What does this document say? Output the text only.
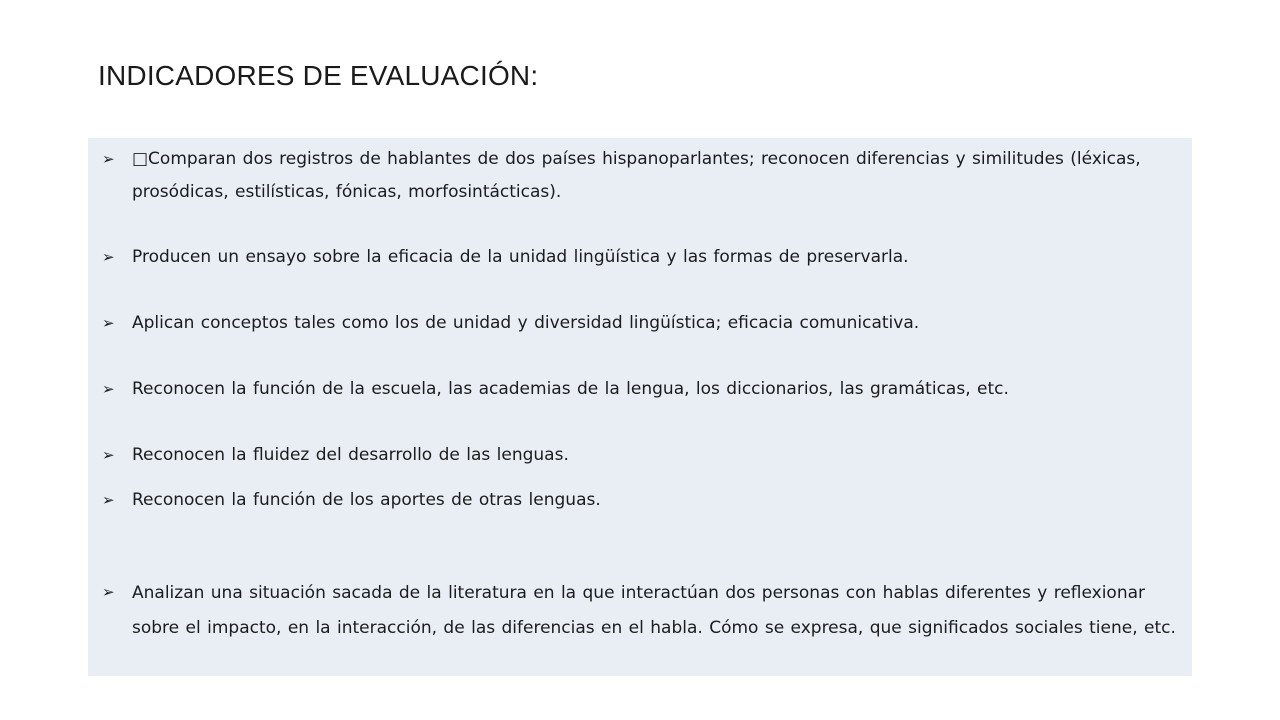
INDICADORES DE EVALUACIÓN:
➢	□Comparan dos registros de hablantes de dos países hispanoparlantes; reconocen diferencias y similitudes (léxicas, prosódicas, estilísticas, fónicas, morfosintácticas).
➢	Producen un ensayo sobre la eficacia de la unidad lingüística y las formas de preservarla.
➢	Aplican conceptos tales como los de unidad y diversidad lingüística; eficacia comunicativa.
➢	Reconocen la función de la escuela, las academias de la lengua, los diccionarios, las gramáticas, etc.
➢	Reconocen la fluidez del desarrollo de las lenguas.
➢	Reconocen la función de los aportes de otras lenguas.
➢	Analizan una situación sacada de la literatura en la que interactúan dos personas con hablas diferentes y reflexionar sobre el impacto, en la interacción, de las diferencias en el habla. Cómo se expresa, que significados sociales tiene, etc.
